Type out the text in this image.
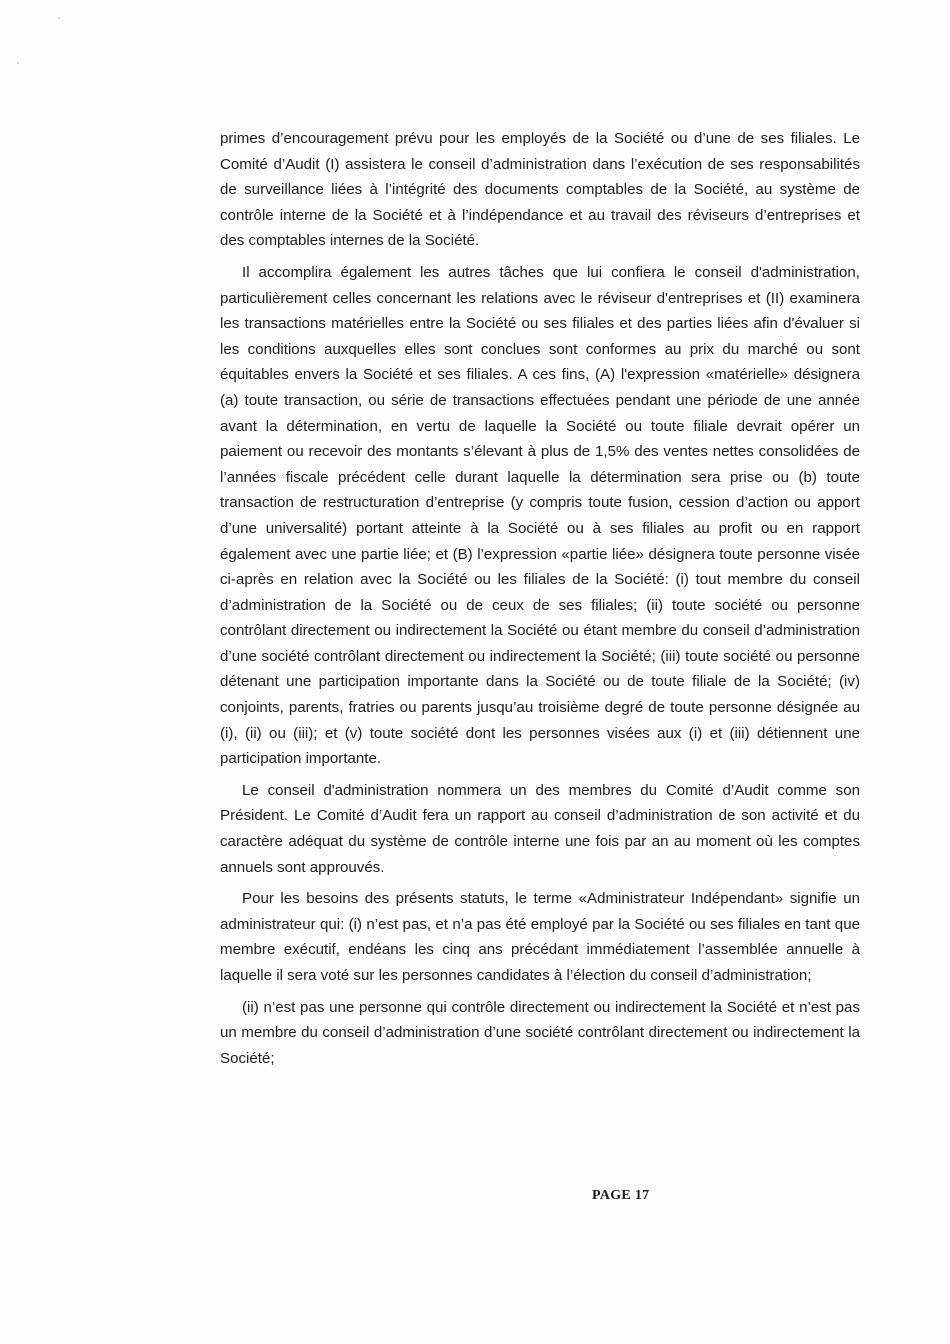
primes d’encouragement prévu pour les employés de la Société ou d’une de ses filiales. Le Comité d’Audit (I) assistera le conseil d’administration dans l’exécution de ses responsabilités de surveillance liées à l’intégrité des documents comptables de la Société, au système de contrôle interne de la Société et à l’indépendance et au travail des réviseurs d’entreprises et des comptables internes de la Société.

Il accomplira également les autres tâches que lui confiera le conseil d'administration, particulièrement celles concernant les relations avec le réviseur d'entreprises et (II) examinera les transactions matérielles entre la Société ou ses filiales et des parties liées afin d'évaluer si les conditions auxquelles elles sont conclues sont conformes au prix du marché ou sont équitables envers la Société et ses filiales. A ces fins, (A) l'expression «matérielle» désignera (a) toute transaction, ou série de transactions effectuées pendant une période de une année avant la détermination, en vertu de laquelle la Société ou toute filiale devrait opérer un paiement ou recevoir des montants s’élevant à plus de 1,5% des ventes nettes consolidées de l’années fiscale précédent celle durant laquelle la détermination sera prise ou (b) toute transaction de restructuration d’entreprise (y compris toute fusion, cession d’action ou apport d’une universalité) portant atteinte à la Société ou à ses filiales au profit ou en rapport également avec une partie liée; et (B) l’expression «partie liée» désignera toute personne visée ci-après en relation avec la Société ou les filiales de la Société: (i) tout membre du conseil d’administration de la Société ou de ceux de ses filiales; (ii) toute société ou personne contrôlant directement ou indirectement la Société ou étant membre du conseil d’administration d’une société contrôlant directement ou indirectement la Société; (iii) toute société ou personne détenant une participation importante dans la Société ou de toute filiale de la Société; (iv) conjoints, parents, fratries ou parents jusqu’au troisième degré de toute personne désignée au (i), (ii) ou (iii); et (v) toute société dont les personnes visées aux (i) et (iii) détiennent une participation importante.

Le conseil d'administration nommera un des membres du Comité d’Audit comme son Président. Le Comité d’Audit fera un rapport au conseil d’administration de son activité et du caractère adéquat du système de contrôle interne une fois par an au moment où les comptes annuels sont approuvés.

Pour les besoins des présents statuts, le terme «Administrateur Indépendant» signifie un administrateur qui: (i) n’est pas, et n’a pas été employé par la Société ou ses filiales en tant que membre exécutif, endéans les cinq ans précédant immédiatement l’assemblée annuelle à laquelle il sera voté sur les personnes candidates à l’élection du conseil d’administration;

(ii) n’est pas une personne qui contrôle directement ou indirectement la Société et n’est pas un membre du conseil d’administration d’une société contrôlant directement ou indirectement la Société;

PAGE 17
